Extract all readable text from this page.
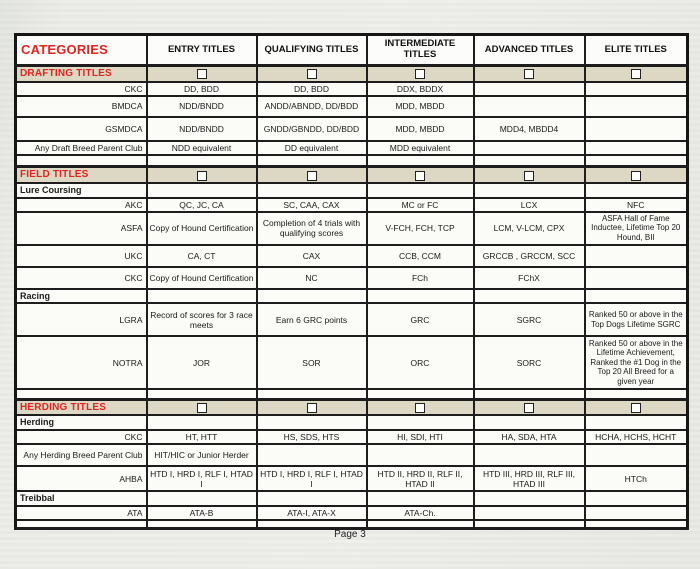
CATEGORIES	ENTRY TITLES	QUALIFYING TITLES	INTERMEDIATE TITLES	ADVANCED TITLES	ELITE TITLES
DRAFTING TITLES					
CKC	DD, BDD	DD, BDD	DDX, BDDX		
BMDCA	NDD/BNDD	ANDD/ABNDD, DD/BDD	MDD, MBDD		
GSMDCA	NDD/BNDD	GNDD/GBNDD, DD/BDD	MDD, MBDD	MDD4, MBDD4	
Any Draft Breed Parent Club	NDD equivalent	DD equivalent	MDD equivalent		

FIELD TITLES					
Lure Coursing					
AKC	QC, JC, CA	SC, CAA, CAX	MC or FC	LCX	NFC
ASFA	Copy of Hound Certification	Completion of 4 trials with qualifying scores	V-FCH, FCH, TCP	LCM, V-LCM, CPX	ASFA Hall of Fame Inductee, Lifetime Top 20 Hound, BII
UKC	CA, CT	CAX	CCB, CCM	GRCCB , GRCCM, SCC	
CKC	Copy of Hound Certification	NC	FCh	FChX	
Racing					
LGRA	Record of scores for 3 race meets	Earn 6 GRC points	GRC	SGRC	Ranked 50 or above in the Top Dogs Lifetime SGRC
NOTRA	JOR	SOR	ORC	SORC	Ranked 50 or above in the Lifetime Achievement, Ranked the #1 Dog in the Top 20 All Breed for a given year

HERDING TITLES					
Herding					
CKC	HT, HTT	HS, SDS, HTS	HI, SDI, HTI	HA, SDA, HTA	HCHA, HCHS, HCHT
Any Herding Breed Parent Club	HIT/HIC or Junior Herder				
AHBA	HTD I, HRD I, RLF I, HTAD I	HTD I, HRD I, RLF I, HTAD I	HTD II, HRD II, RLF II, HTAD II	HTD III, HRD III, RLF III, HTAD III	HTCh
Treibbal					
ATA	ATA-B	ATA-I, ATA-X	ATA-Ch.		

Page 3
